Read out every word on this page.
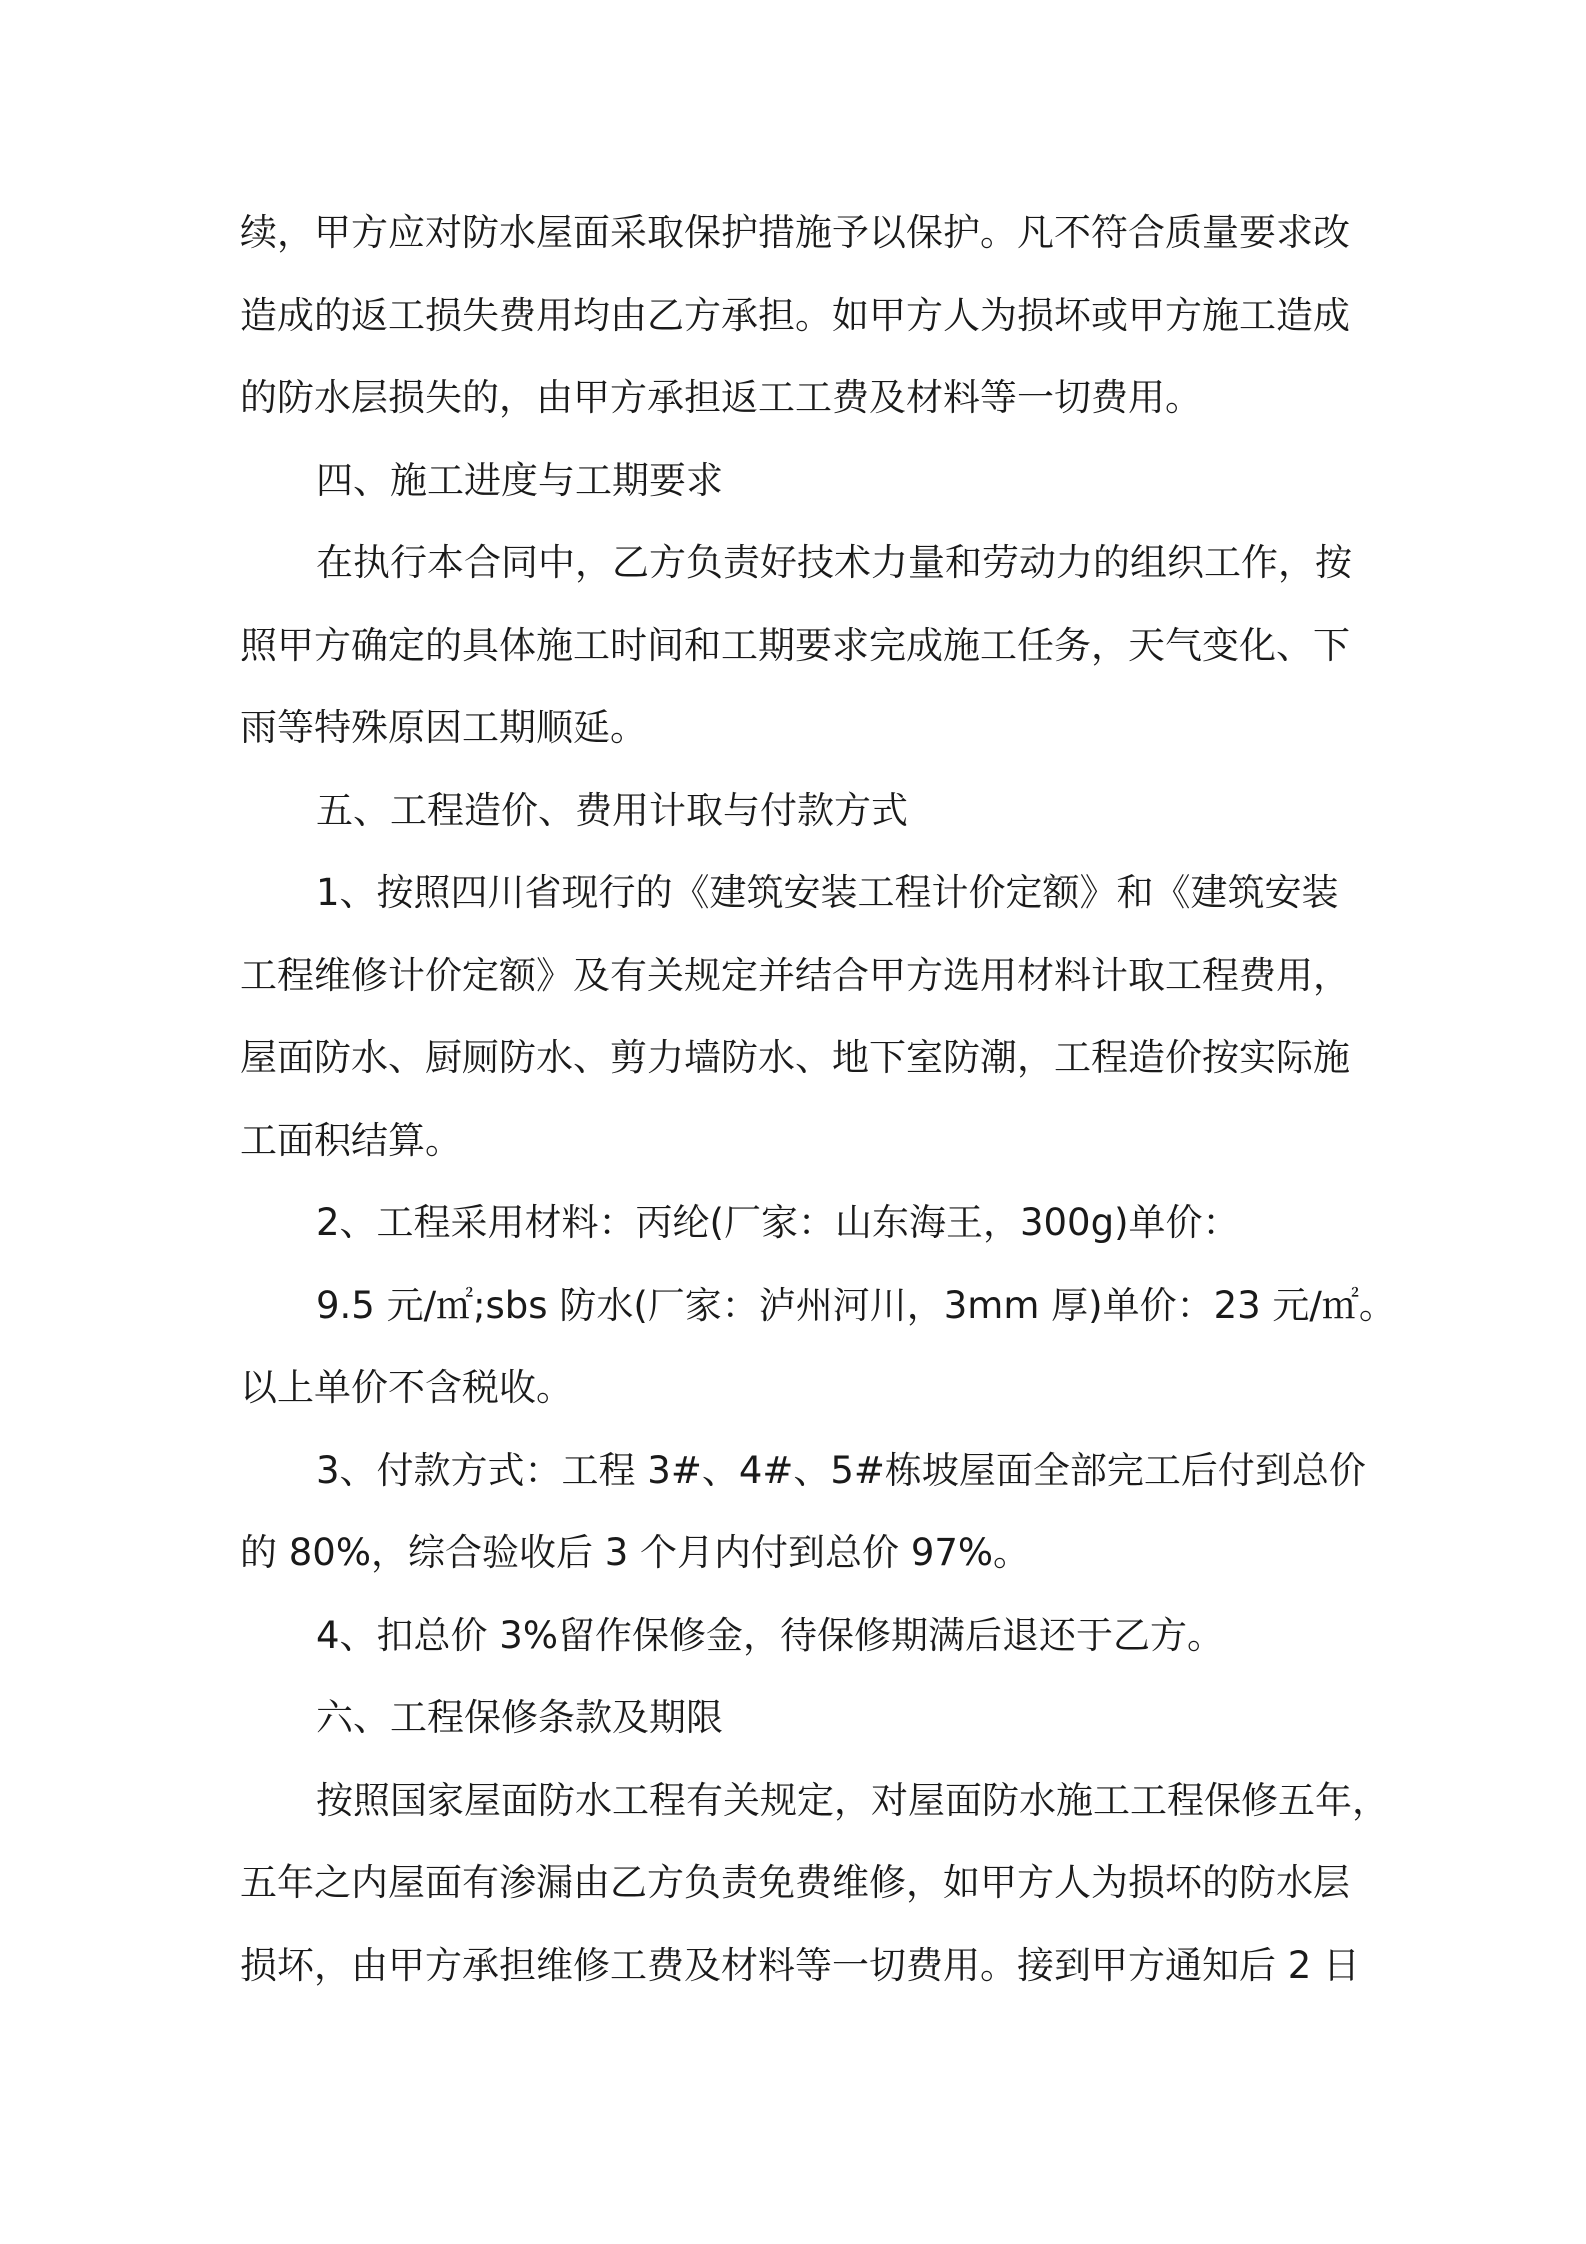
续，甲方应对防水屋面采取保护措施予以保护。凡不符合质量要求改

造成的返工损失费用均由乙方承担。如甲方人为损坏或甲方施工造成

的防水层损失的，由甲方承担返工工费及材料等一切费用。

四、施工进度与工期要求

在执行本合同中，乙方负责好技术力量和劳动力的组织工作，按

照甲方确定的具体施工时间和工期要求完成施工任务，天气变化、下

雨等特殊原因工期顺延。

五、工程造价、费用计取与付款方式

1、按照四川省现行的《建筑安装工程计价定额》和《建筑安装

工程维修计价定额》及有关规定并结合甲方选用材料计取工程费用，

屋面防水、厨厕防水、剪力墙防水、地下室防潮，工程造价按实际施

工面积结算。

2、工程采用材料：丙纶(厂家：山东海王，300g)单价：

9.5 元/㎡;sbs 防水(厂家：泸州河川，3mm 厚)单价：23 元/㎡。

以上单价不含税收。

3、付款方式：工程 3#、4#、5#栋坡屋面全部完工后付到总价

的 80%，综合验收后 3 个月内付到总价 97%。

4、扣总价 3%留作保修金，待保修期满后退还于乙方。

六、工程保修条款及期限

按照国家屋面防水工程有关规定，对屋面防水施工工程保修五年，

五年之内屋面有渗漏由乙方负责免费维修，如甲方人为损坏的防水层

损坏，由甲方承担维修工费及材料等一切费用。接到甲方通知后 2 日
